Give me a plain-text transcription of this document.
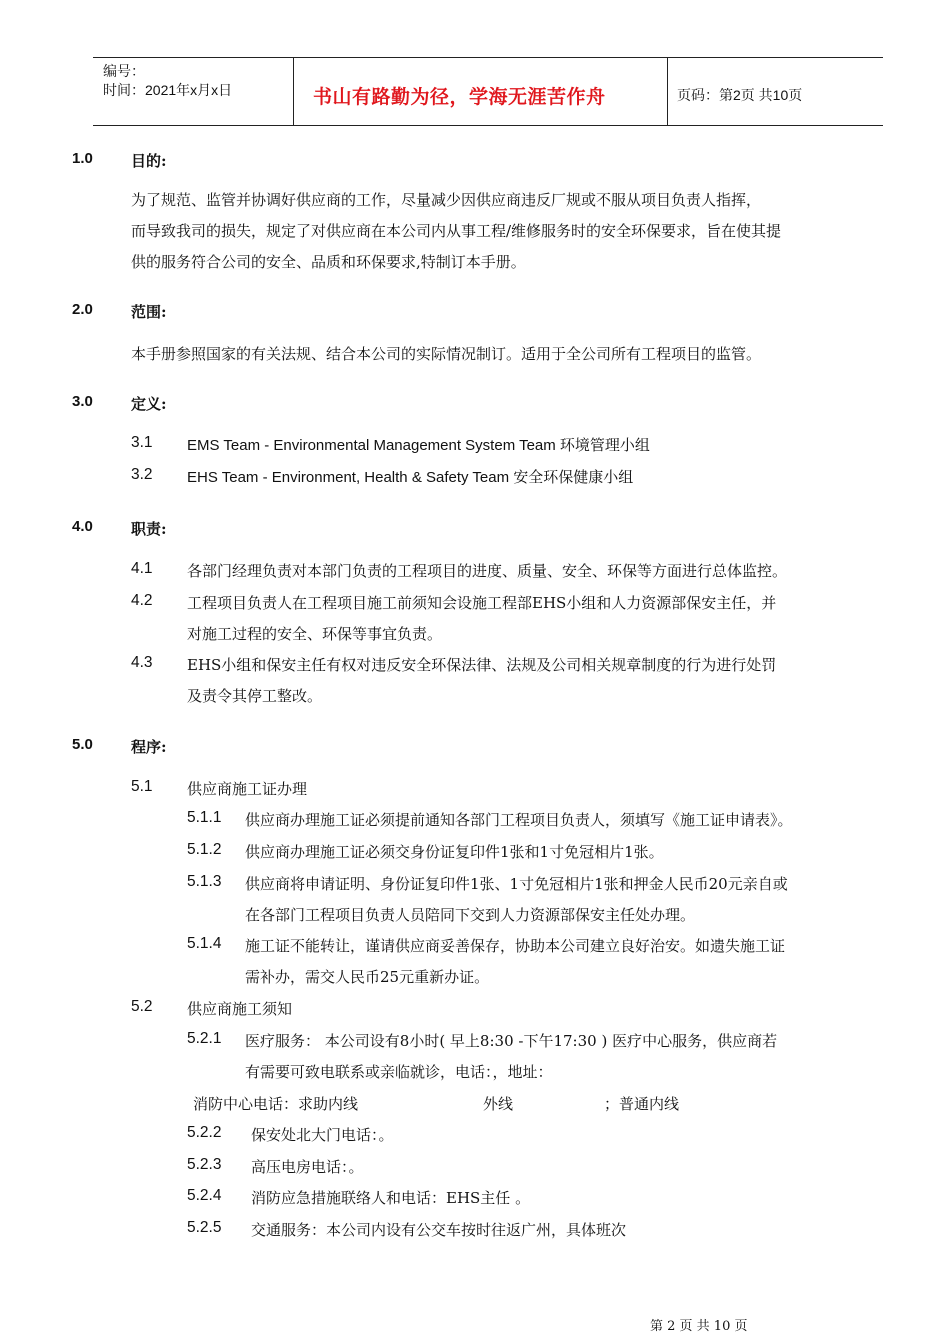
编号：
时间：2021年x月x日	书山有路勤为径，学海无涯苦作舟	页码：第2页 共10页
1.0	目的:
为了规范、监管并协调好供应商的工作，尽量减少因供应商违反厂规或不服从项目负责人指挥，
而导致我司的损失，规定了对供应商在本公司内从事工程/维修服务时的安全环保要求，旨在使其提
供的服务符合公司的安全、品质和环保要求,特制订本手册。
2.0	范围:
本手册参照国家的有关法规、结合本公司的实际情况制订。适用于全公司所有工程项目的监管。
3.0	定义:
3.1 EMS Team - Environmental Management System Team 环境管理小组
3.2 EHS Team - Environment, Health & Safety Team 安全环保健康小组
4.0	职责:
4.1 各部门经理负责对本部门负责的工程项目的进度、质量、安全、环保等方面进行总体监控。
4.2 工程项目负责人在工程项目施工前须知会设施工程部EHS小组和人力资源部保安主任，并
对施工过程的安全、环保等事宜负责。
4.3 EHS小组和保安主任有权对违反安全环保法律、法规及公司相关规章制度的行为进行处罚
及责令其停工整改。
5.0	程序:
5.1 供应商施工证办理
5.1.1 供应商办理施工证必须提前通知各部门工程项目负责人，须填写《施工证申请表》。
5.1.2 供应商办理施工证必须交身份证复印件1张和1寸免冠相片1张。
5.1.3 供应商将申请证明、身份证复印件1张、1寸免冠相片1张和押金人民币20元亲自或
在各部门工程项目负责人员陪同下交到人力资源部保安主任处办理。
5.1.4 施工证不能转让，谨请供应商妥善保存，协助本公司建立良好治安。如遗失施工证
需补办，需交人民币25元重新办证。
5.2 供应商施工须知
5.2.1 医疗服务： 本公司设有8小时( 早上8:30 -下午17:30 ) 医疗中心服务，供应商若
有需要可致电联系或亲临就诊，电话：，地址：
消防中心电话：求助内线	外线	；普通内线
5.2.2 保安处北大门电话：。
5.2.3 高压电房电话：。
5.2.4 消防应急措施联络人和电话：EHS主任 。
5.2.5 交通服务：本公司内设有公交车按时往返广州，具体班次
第 2 页 共 10 页
